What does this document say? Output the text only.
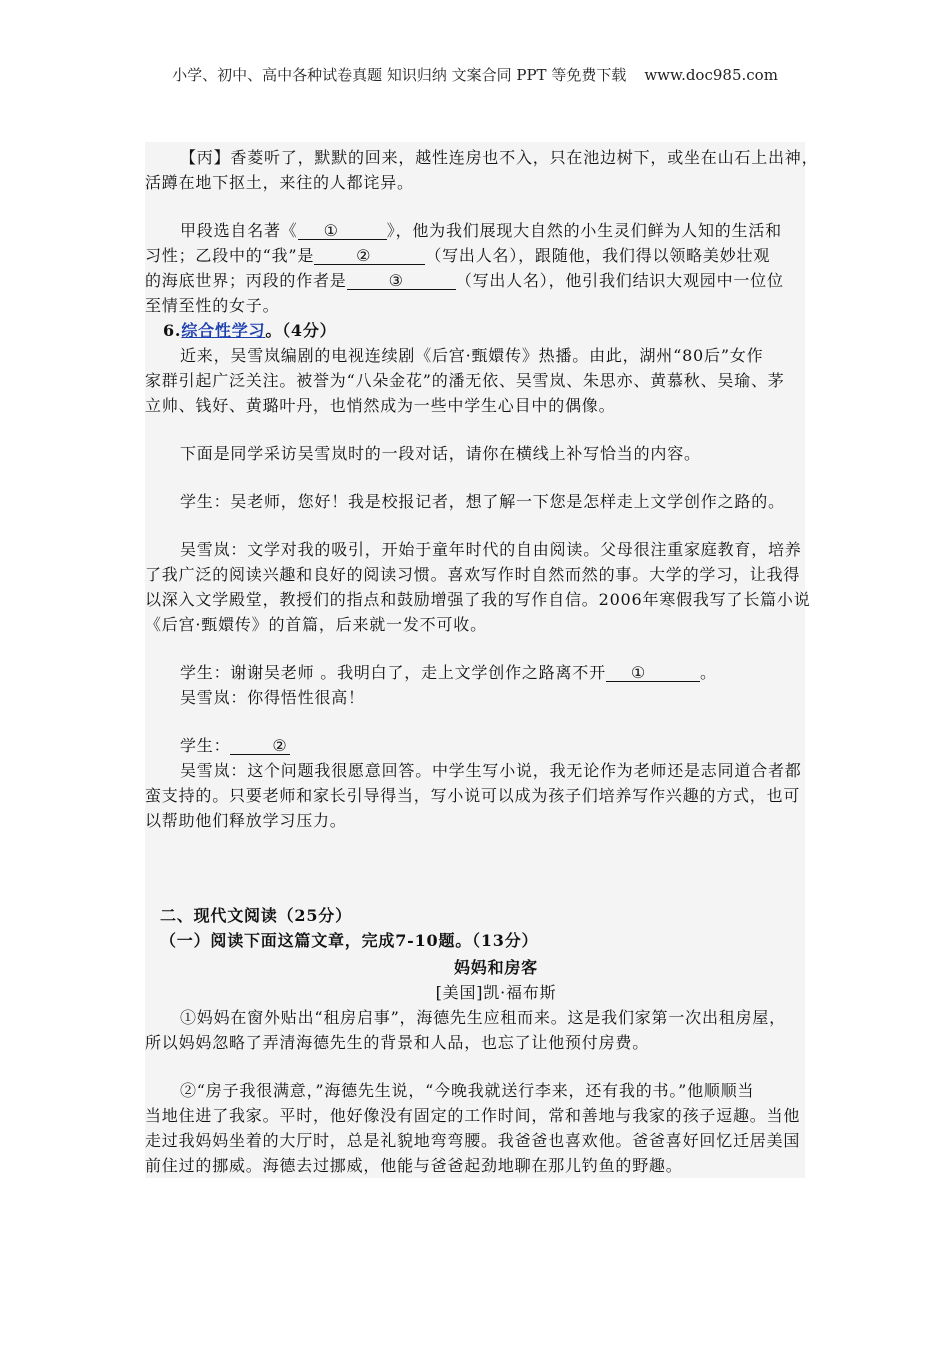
小学、初中、高中各种试卷真题 知识归纳 文案合同 PPT 等免费下载 www.doc985.com
【丙】香菱听了，默默的回来，越性连房也不入，只在池边树下，或坐在山石上出神，
活蹲在地下抠土，来往的人都诧异。
甲段选自名著《 ①	》，他为我们展现大自然的小生灵们鲜为人知的生活和
习性；乙段中的“我”是	②	（写出人名），跟随他，我们得以领略美妙壮观
的海底世界；丙段的作者是	③	（写出人名），他引我们结识大观园中一位位
至情至性的女子。
6.综合性学习。（4分）
近来，吴雪岚编剧的电视连续剧《后宫·甄嬛传》热播。由此，湖州“80后”女作
家群引起广泛关注。被誉为“八朵金花”的潘无依、吴雪岚、朱思亦、黄慕秋、吴瑜、茅
立帅、钱好、黄璐叶丹，也悄然成为一些中学生心目中的偶像。
下面是同学采访吴雪岚时的一段对话，请你在横线上补写恰当的内容。
学生：吴老师，您好！我是校报记者，想了解一下您是怎样走上文学创作之路的。
吴雪岚：文学对我的吸引，开始于童年时代的自由阅读。父母很注重家庭教育，培养
了我广泛的阅读兴趣和良好的阅读习惯。喜欢写作时自然而然的事。大学的学习，让我得
以深入文学殿堂，教授们的指点和鼓励增强了我的写作自信。2006年寒假我写了长篇小说
《后宫·甄嬛传》的首篇，后来就一发不可收。
学生：谢谢吴老师 。我明白了，走上文学创作之路离不开 ①	。
吴雪岚：你得悟性很高！
学生：	②
吴雪岚：这个问题我很愿意回答。中学生写小说，我无论作为老师还是志同道合者都
蛮支持的。只要老师和家长引导得当，写小说可以成为孩子们培养写作兴趣的方式，也可
以帮助他们释放学习压力。
二、现代文阅读（25分）
（一）阅读下面这篇文章，完成7-10题。（13分）
妈妈和房客
[美国]凯·福布斯
①妈妈在窗外贴出“租房启事”，海德先生应租而来。这是我们家第一次出租房屋，
所以妈妈忽略了弄清海德先生的背景和人品，也忘了让他预付房费。
②“房子我很满意，”海德先生说，“今晚我就送行李来，还有我的书。”他顺顺当
当地住进了我家。平时，他好像没有固定的工作时间，常和善地与我家的孩子逗趣。当他
走过我妈妈坐着的大厅时，总是礼貌地弯弯腰。我爸爸也喜欢他。爸爸喜好回忆迁居美国
前住过的挪威。海德去过挪威，他能与爸爸起劲地聊在那儿钓鱼的野趣。
